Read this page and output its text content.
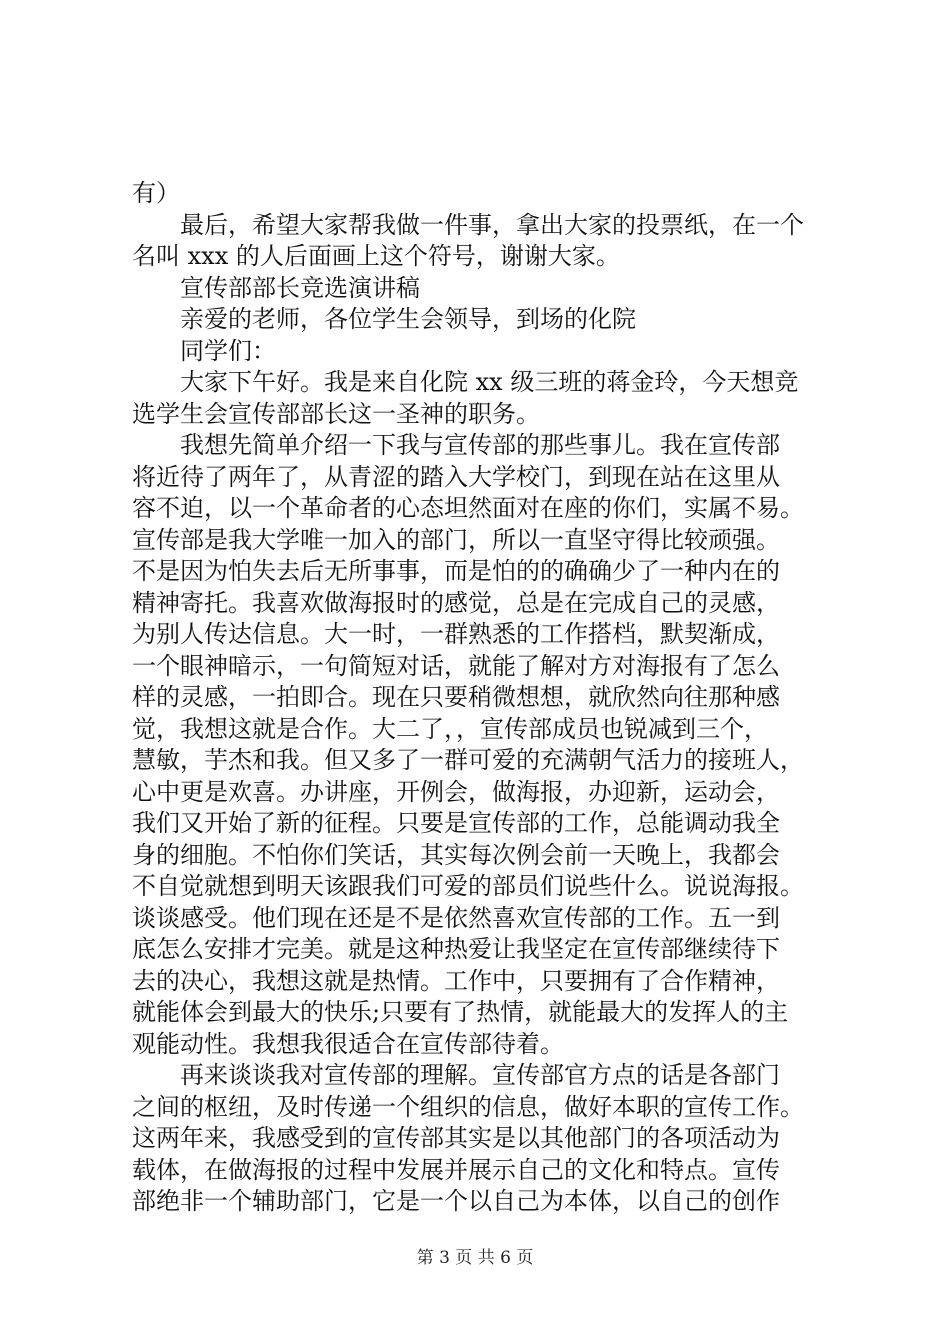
有）
最后，希望大家帮我做一件事，拿出大家的投票纸，在一个
名叫 xxx 的人后面画上这个符号，谢谢大家。
宣传部部长竞选演讲稿
亲爱的老师，各位学生会领导，到场的化院
同学们：
大家下午好。我是来自化院 xx 级三班的蒋金玲，今天想竞
选学生会宣传部部长这一圣神的职务。
我想先简单介绍一下我与宣传部的那些事儿。我在宣传部
将近待了两年了，从青涩的踏入大学校门，到现在站在这里从
容不迫，以一个革命者的心态坦然面对在座的你们，实属不易。
宣传部是我大学唯一加入的部门，所以一直坚守得比较顽强。
不是因为怕失去后无所事事，而是怕的的确确少了一种内在的
精神寄托。我喜欢做海报时的感觉，总是在完成自己的灵感，
为别人传达信息。大一时，一群熟悉的工作搭档，默契渐成，
一个眼神暗示，一句简短对话，就能了解对方对海报有了怎么
样的灵感，一拍即合。现在只要稍微想想，就欣然向往那种感
觉，我想这就是合作。大二了，，宣传部成员也锐减到三个，
慧敏，芋杰和我。但又多了一群可爱的充满朝气活力的接班人，
心中更是欢喜。办讲座，开例会，做海报，办迎新，运动会，
我们又开始了新的征程。只要是宣传部的工作，总能调动我全
身的细胞。不怕你们笑话，其实每次例会前一天晚上，我都会
不自觉就想到明天该跟我们可爱的部员们说些什么。说说海报。
谈谈感受。他们现在还是不是依然喜欢宣传部的工作。五一到
底怎么安排才完美。就是这种热爱让我坚定在宣传部继续待下
去的决心，我想这就是热情。工作中，只要拥有了合作精神，
就能体会到最大的快乐;只要有了热情，就能最大的发挥人的主
观能动性。我想我很适合在宣传部待着。
再来谈谈我对宣传部的理解。宣传部官方点的话是各部门
之间的枢纽，及时传递一个组织的信息，做好本职的宣传工作。
这两年来，我感受到的宣传部其实是以其他部门的各项活动为
载体，在做海报的过程中发展并展示自己的文化和特点。宣传
部绝非一个辅助部门，它是一个以自己为本体，以自己的创作
第 3 页 共 6 页
